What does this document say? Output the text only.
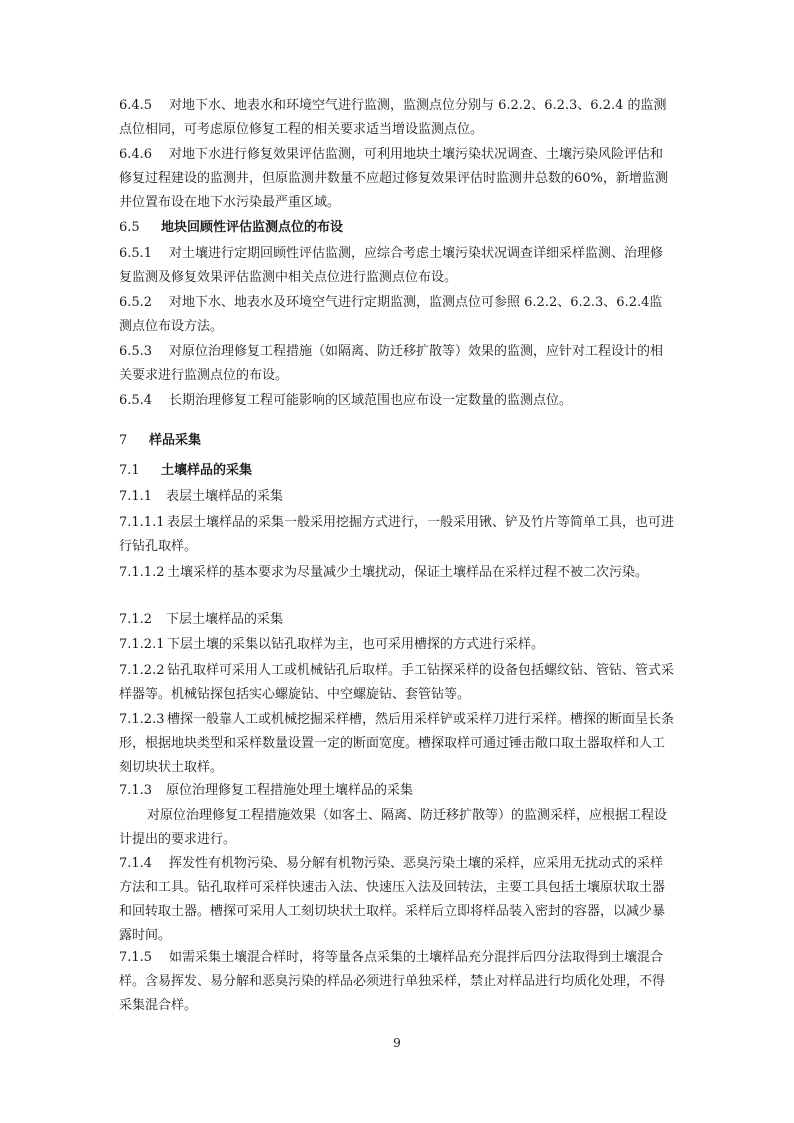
6.4.5 对地下水、地表水和环境空气进行监测，监测点位分别与 6.2.2、6.2.3、6.2.4 的监测点位相同，可考虑原位修复工程的相关要求适当增设监测点位。

6.4.6 对地下水进行修复效果评估监测，可利用地块土壤污染状况调查、土壤污染风险评估和修复过程建设的监测井，但原监测井数量不应超过修复效果评估时监测井总数的60%，新增监测井位置布设在地下水污染最严重区域。

6.5 地块回顾性评估监测点位的布设

6.5.1 对土壤进行定期回顾性评估监测，应综合考虑土壤污染状况调查详细采样监测、治理修复监测及修复效果评估监测中相关点位进行监测点位布设。

6.5.2 对地下水、地表水及环境空气进行定期监测，监测点位可参照 6.2.2、6.2.3、6.2.4监测点位布设方法。

6.5.3 对原位治理修复工程措施（如隔离、防迁移扩散等）效果的监测，应针对工程设计的相关要求进行监测点位的布设。

6.5.4 长期治理修复工程可能影响的区域范围也应布设一定数量的监测点位。

7 样品采集

7.1 土壤样品的采集

7.1.1 表层土壤样品的采集

7.1.1.1 表层土壤样品的采集一般采用挖掘方式进行，一般采用锹、铲及竹片等简单工具，也可进行钻孔取样。

7.1.1.2 土壤采样的基本要求为尽量减少土壤扰动，保证土壤样品在采样过程不被二次污染。

7.1.2 下层土壤样品的采集

7.1.2.1 下层土壤的采集以钻孔取样为主，也可采用槽探的方式进行采样。

7.1.2.2 钻孔取样可采用人工或机械钻孔后取样。手工钻探采样的设备包括螺纹钻、管钻、管式采样器等。机械钻探包括实心螺旋钻、中空螺旋钻、套管钻等。

7.1.2.3 槽探一般靠人工或机械挖掘采样槽，然后用采样铲或采样刀进行采样。槽探的断面呈长条形，根据地块类型和采样数量设置一定的断面宽度。槽探取样可通过锤击敞口取土器取样和人工刻切块状土取样。

7.1.3 原位治理修复工程措施处理土壤样品的采集

对原位治理修复工程措施效果（如客土、隔离、防迁移扩散等）的监测采样，应根据工程设计提出的要求进行。

7.1.4 挥发性有机物污染、易分解有机物污染、恶臭污染土壤的采样，应采用无扰动式的采样方法和工具。钻孔取样可采样快速击入法、快速压入法及回转法，主要工具包括土壤原状取土器和回转取土器。槽探可采用人工刻切块状土取样。采样后立即将样品装入密封的容器，以减少暴露时间。

7.1.5 如需采集土壤混合样时，将等量各点采集的土壤样品充分混拌后四分法取得到土壤混合样。含易挥发、易分解和恶臭污染的样品必须进行单独采样，禁止对样品进行均质化处理，不得采集混合样。

9
